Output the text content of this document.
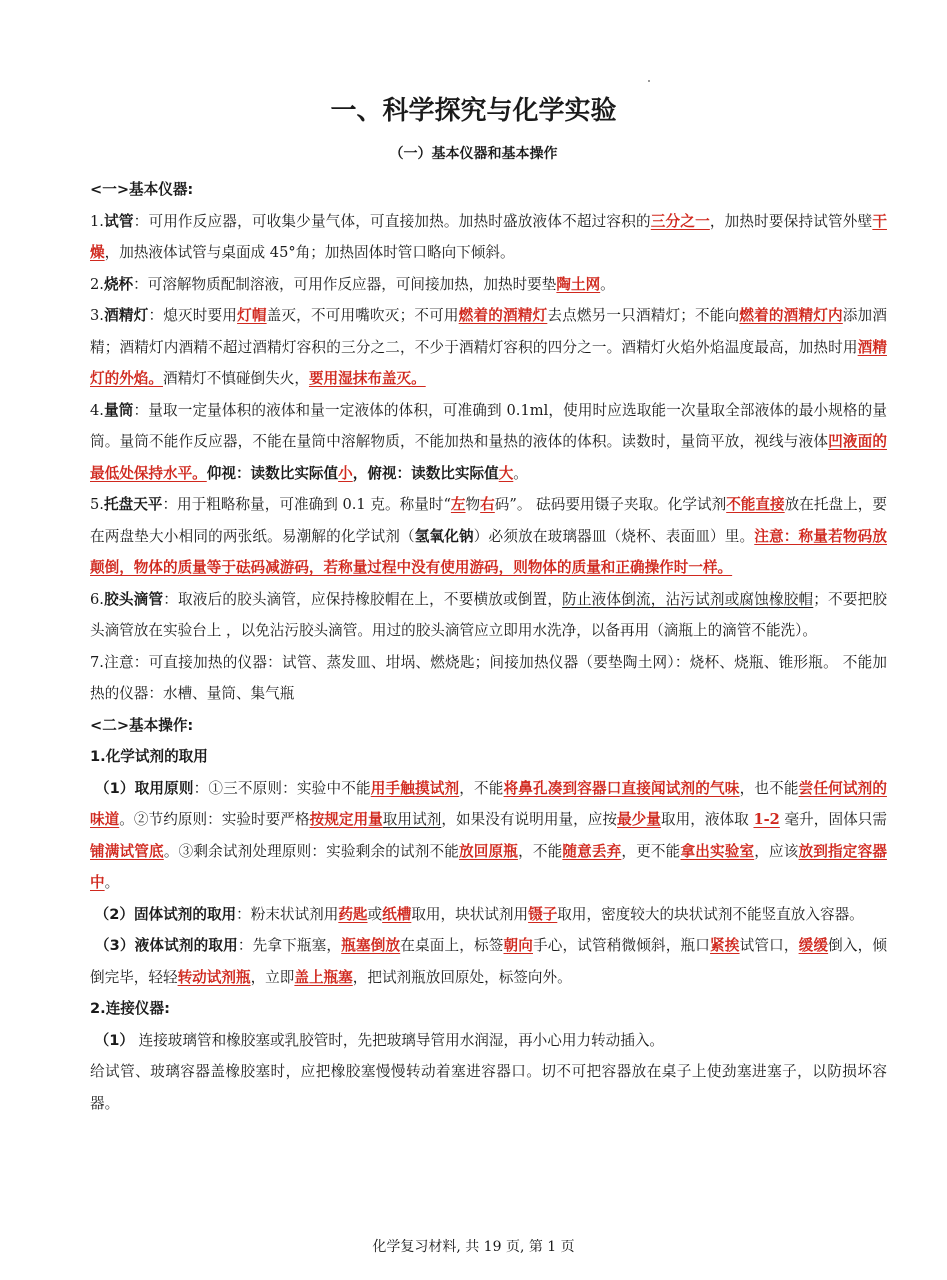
一、科学探究与化学实验
（一）基本仪器和基本操作

<一>基本仪器:

1.试管：可用作反应器，可收集少量气体，可直接加热。加热时盛放液体不超过容积的三分之一，加热时要保持试管外壁干燥，加热液体试管与桌面成 45°角；加热固体时管口略向下倾斜。

2.烧杯：可溶解物质配制溶液，可用作反应器，可间接加热，加热时要垫陶土网。

3.酒精灯：熄灭时要用灯帽盖灭，不可用嘴吹灭；不可用燃着的酒精灯去点燃另一只酒精灯；不能向燃着的酒精灯内添加酒精；酒精灯内酒精不超过酒精灯容积的三分之二，不少于酒精灯容积的四分之一。酒精灯火焰外焰温度最高，加热时用酒精灯的外焰。酒精灯不慎碰倒失火，要用湿抹布盖灭。

4.量筒：量取一定量体积的液体和量一定液体的体积，可准确到 0.1ml，使用时应选取能一次量取全部液体的最小规格的量筒。量筒不能作反应器，不能在量筒中溶解物质，不能加热和量热的液体的体积。读数时，量筒平放，视线与液体凹液面的最低处保持水平。仰视：读数比实际值小，俯视：读数比实际值大。

5.托盘天平：用于粗略称量，可准确到 0.1 克。称量时“左物右码”。 砝码要用镊子夹取。化学试剂不能直接放在托盘上，要在两盘垫大小相同的两张纸。易潮解的化学试剂（氢氧化钠）必须放在玻璃器皿（烧杯、表面皿）里。注意：称量若物码放颠倒，物体的质量等于砝码减游码，若称量过程中没有使用游码，则物体的质量和正确操作时一样。

6.胶头滴管：取液后的胶头滴管，应保持橡胶帽在上，不要横放或倒置，防止液体倒流，沾污试剂或腐蚀橡胶帽；不要把胶头滴管放在实验台上 ，以免沾污胶头滴管。用过的胶头滴管应立即用水洗净，以备再用（滴瓶上的滴管不能洗）。

7.注意：可直接加热的仪器：试管、蒸发皿、坩埚、燃烧匙；间接加热仪器（要垫陶土网）：烧杯、烧瓶、锥形瓶。 不能加热的仪器：水槽、量筒、集气瓶

<二>基本操作:

1.化学试剂的取用

（1）取用原则：①三不原则：实验中不能用手触摸试剂，不能将鼻孔凑到容器口直接闻试剂的气味，也不能尝任何试剂的味道。②节约原则：实验时要严格按规定用量取用试剂，如果没有说明用量，应按最少量取用，液体取 1-2 毫升，固体只需铺满试管底。③剩余试剂处理原则：实验剩余的试剂不能放回原瓶，不能随意丢弃，更不能拿出实验室，应该放到指定容器中。

（2）固体试剂的取用：粉末状试剂用药匙或纸槽取用，块状试剂用镊子取用，密度较大的块状试剂不能竖直放入容器。

（3）液体试剂的取用：先拿下瓶塞，瓶塞倒放在桌面上，标签朝向手心，试管稍微倾斜，瓶口紧挨试管口，缓缓倒入，倾倒完毕，轻轻转动试剂瓶，立即盖上瓶塞，把试剂瓶放回原处，标签向外。

2.连接仪器:

（1） 连接玻璃管和橡胶塞或乳胶管时，先把玻璃导管用水润湿，再小心用力转动插入。

给试管、玻璃容器盖橡胶塞时，应把橡胶塞慢慢转动着塞进容器口。切不可把容器放在桌子上使劲塞进塞子，以防损坏容器。

化学复习材料, 共 19 页, 第 1 页
